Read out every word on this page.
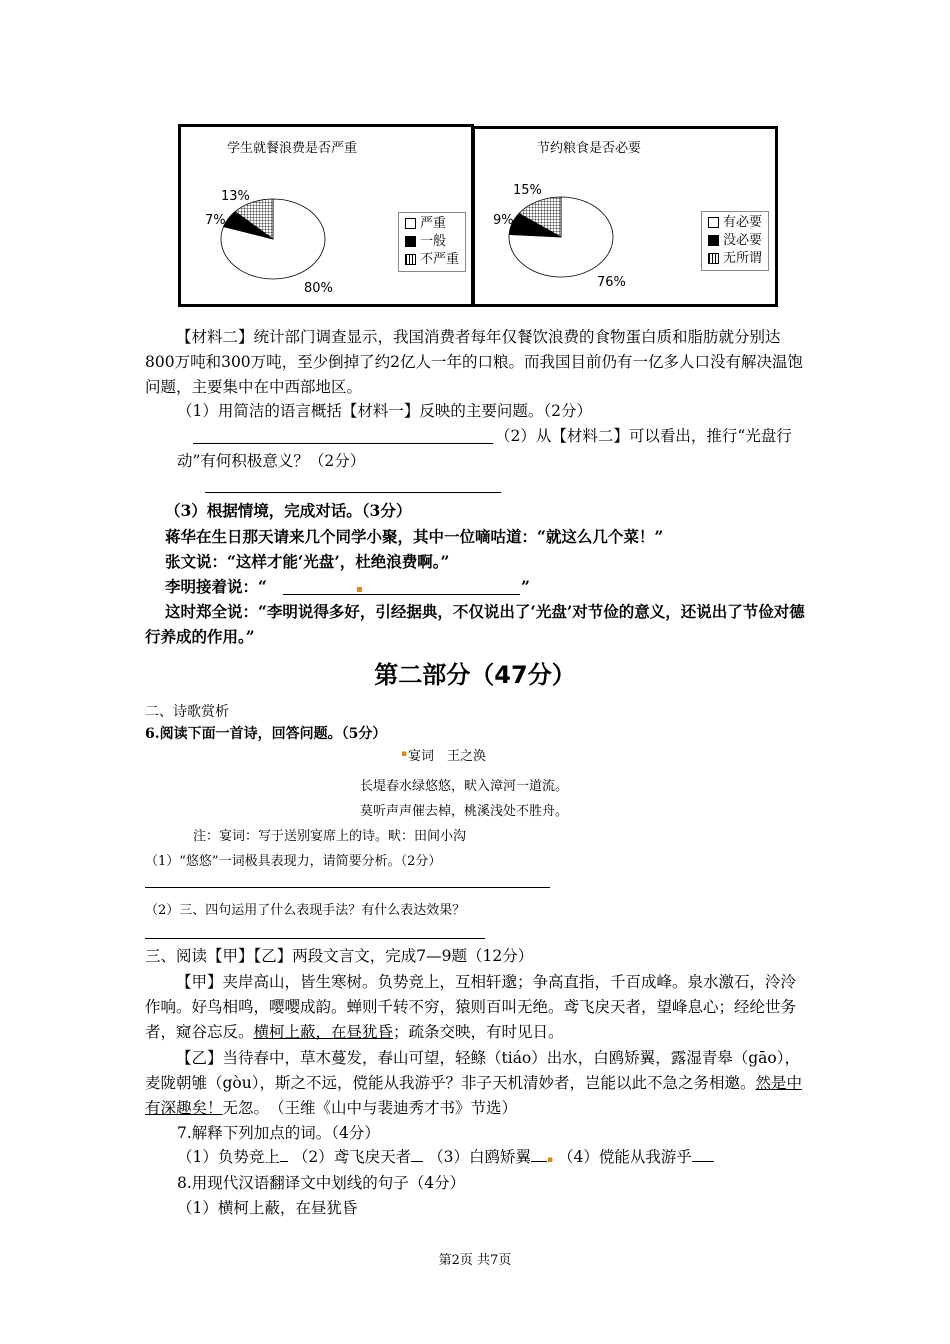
学生就餐浪费是否严重
13%
7%
80%
严重
一般
不严重
节约粮食是否必要
15%
9%
76%
有必要
没必要
无所谓
【材料二】统计部门调查显示，我国消费者每年仅餐饮浪费的食物蛋白质和脂肪就分别达800万吨和300万吨，至少倒掉了约2亿人一年的口粮。而我国目前仍有一亿多人口没有解决温饱问题，主要集中在中西部地区。
（1）用简洁的语言概括【材料一】反映的主要问题。（2分）
（2）从【材料二】可以看出，推行“光盘行
动”有何积极意义？（2分）
（3）根据情境，完成对话。（3分）
蒋华在生日那天请来几个同学小聚，其中一位嘀咕道：“就这么几个菜！”
张文说：“这样才能‘光盘’，杜绝浪费啊。”
李明接着说：“	▪	”
这时郑全说：“李明说得多好，引经据典，不仅说出了‘光盘’对节俭的意义，还说出了节俭对德行养成的作用。”
第二部分（47分）
二、诗歌赏析
6.阅读下面一首诗，回答问题。（5分）
▪ 宴词　王之涣
长堤春水绿悠悠，畎入漳河一道流。
莫听声声催去棹，桃溪浅处不胜舟。
注：宴词：写于送别宴席上的诗。畎：田间小沟
（1）“悠悠”一词极具表现力，请简要分析。（2分）
（2）三、四句运用了什么表现手法？有什么表达效果？
三、阅读【甲】【乙】两段文言文，完成7—9题（12分）
【甲】夹岸高山，皆生寒树。负势竞上，互相轩邈；争高直指，千百成峰。泉水激石，泠泠作响。好鸟相鸣，嘤嘤成韵。蝉则千转不穷，猿则百叫无绝。鸢飞戾天者，望峰息心；经纶世务者，窥谷忘反。横柯上蔽，在昼犹昏；疏条交映，有时见日。
【乙】当待春中，草木蔓发，春山可望，轻鲦（tiáo）出水，白鸥矫翼，露湿青皋（gāo），麦陇朝雊（gòu），斯之不远，傥能从我游乎？非子天机清妙者，岂能以此不急之务相邀。然是中有深趣矣！无忽。　（王维《山中与裴迪秀才书》节选）
7.解释下列加点的词。（4分）
（1）负势竞上 （2）鸢飞戾天者 （3）白鸥矫翼 ▪ （4）傥能从我游乎
8.用现代汉语翻译文中划线的句子（4分）
（1）横柯上蔽，在昼犹昏
第2页 共7页
